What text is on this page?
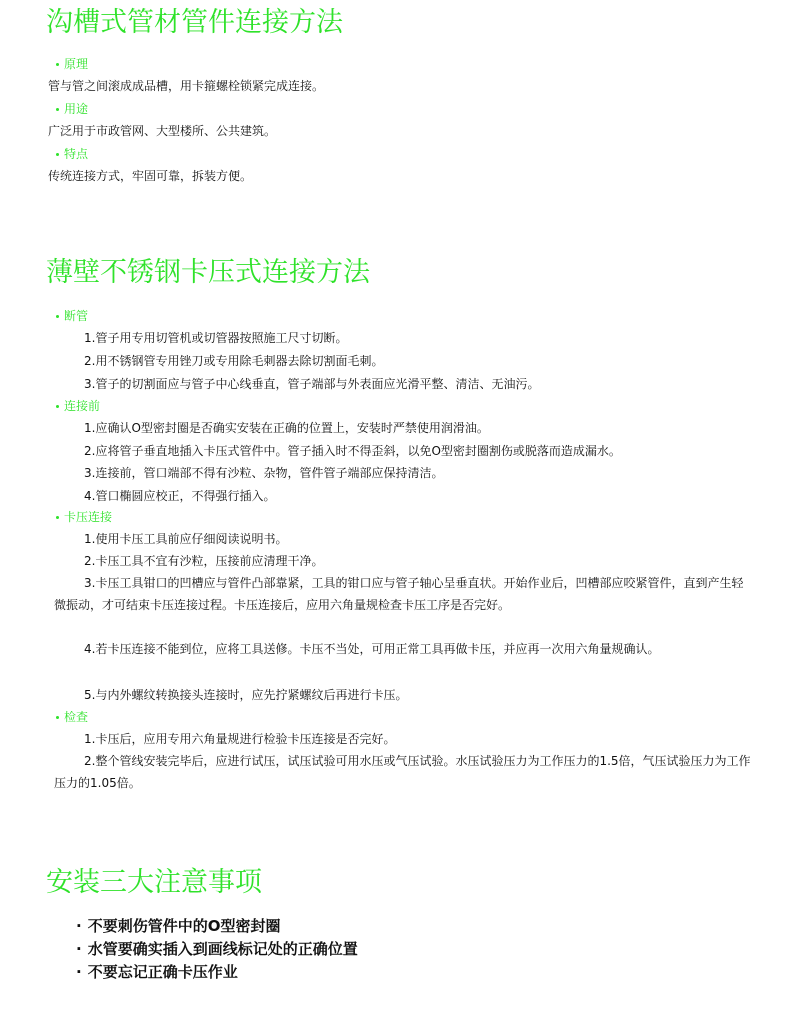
沟槽式管材管件连接方法
原理
管与管之间滚成成品槽，用卡箍螺栓锁紧完成连接。
用途
广泛用于市政管网、大型楼所、公共建筑。
特点
传统连接方式，牢固可靠，拆装方便。
薄壁不锈钢卡压式连接方法
断管
1.管子用专用切管机或切管器按照施工尺寸切断。
2.用不锈钢管专用锉刀或专用除毛刺器去除切割面毛刺。
3.管子的切割面应与管子中心线垂直，管子端部与外表面应光滑平整、清洁、无油污。
连接前
1.应确认O型密封圈是否确实安装在正确的位置上，安装时严禁使用润滑油。
2.应将管子垂直地插入卡压式管件中。管子插入时不得歪斜，以免O型密封圈割伤或脱落而造成漏水。
3.连接前，管口端部不得有沙粒、杂物，管件管子端部应保持清洁。
4.管口椭圆应校正，不得强行插入。
卡压连接
1.使用卡压工具前应仔细阅读说明书。
2.卡压工具不宜有沙粒，压接前应清理干净。
3.卡压工具钳口的凹槽应与管件凸部靠紧，工具的钳口应与管子轴心呈垂直状。开始作业后，凹槽部应咬紧管件，直到产生轻微振动，才可结束卡压连接过程。卡压连接后，应用六角量规检查卡压工序是否完好。
4.若卡压连接不能到位，应将工具送修。卡压不当处，可用正常工具再做卡压，并应再一次用六角量规确认。
5.与内外螺纹转换接头连接时，应先拧紧螺纹后再进行卡压。
检查
1.卡压后，应用专用六角量规进行检验卡压连接是否完好。
2.整个管线安装完毕后，应进行试压，试压试验可用水压或气压试验。水压试验压力为工作压力的1.5倍，气压试验压力为工作压力的1.05倍。
安装三大注意事项
· 不要刺伤管件中的O型密封圈
· 水管要确实插入到画线标记处的正确位置
· 不要忘记正确卡压作业
